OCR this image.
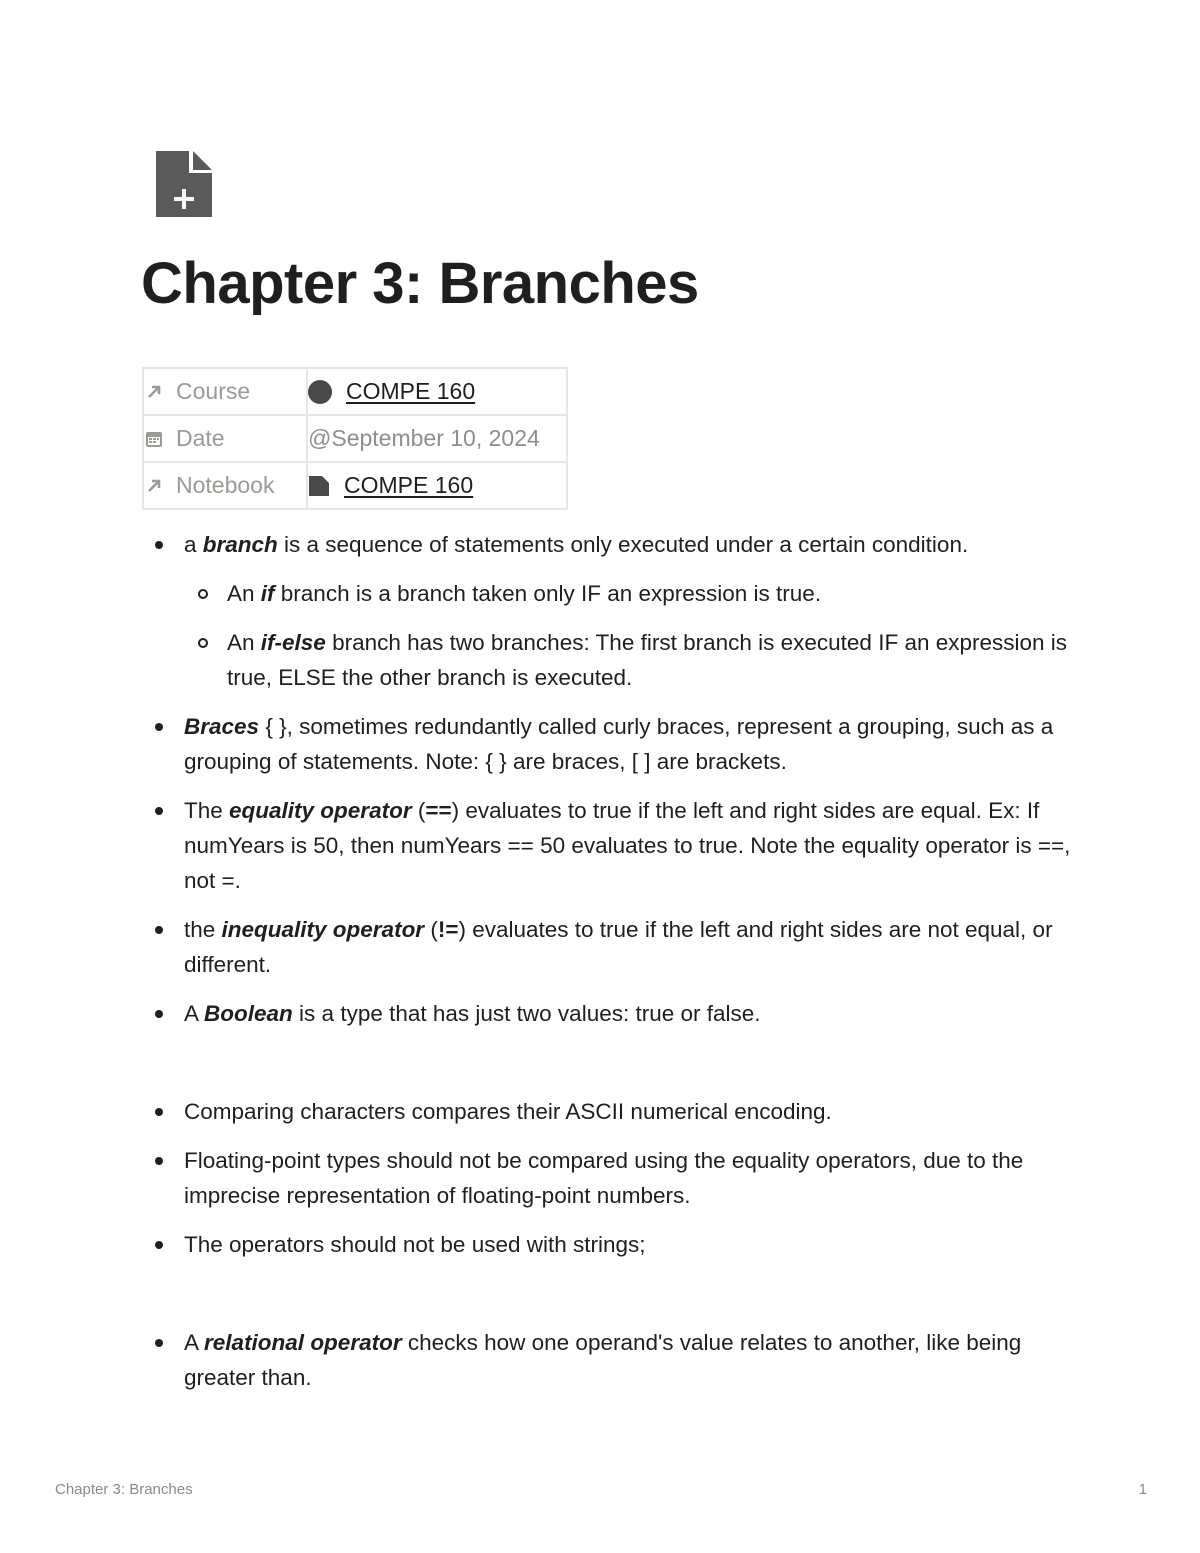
Chapter 3: Branches
Course	COMPE 160

Date	@September 10, 2024

Notebook	COMPE 160
a branch is a sequence of statements only executed under a certain condition.
An if branch is a branch taken only IF an expression is true.
An if-else branch has two branches: The first branch is executed IF an expression is true, ELSE the other branch is executed.
Braces { }, sometimes redundantly called curly braces, represent a grouping, such as a grouping of statements. Note: { } are braces, [ ] are brackets.
The equality operator (==) evaluates to true if the left and right sides are equal. Ex: If numYears is 50, then numYears == 50 evaluates to true. Note the equality operator is ==, not =.
the inequality operator (!=) evaluates to true if the left and right sides are not equal, or different.
A Boolean is a type that has just two values: true or false.
Comparing characters compares their ASCII numerical encoding.
Floating-point types should not be compared using the equality operators, due to the imprecise representation of floating-point numbers.
The operators should not be used with strings;
A relational operator checks how one operand's value relates to another, like being greater than.
Chapter 3: Branches	1
